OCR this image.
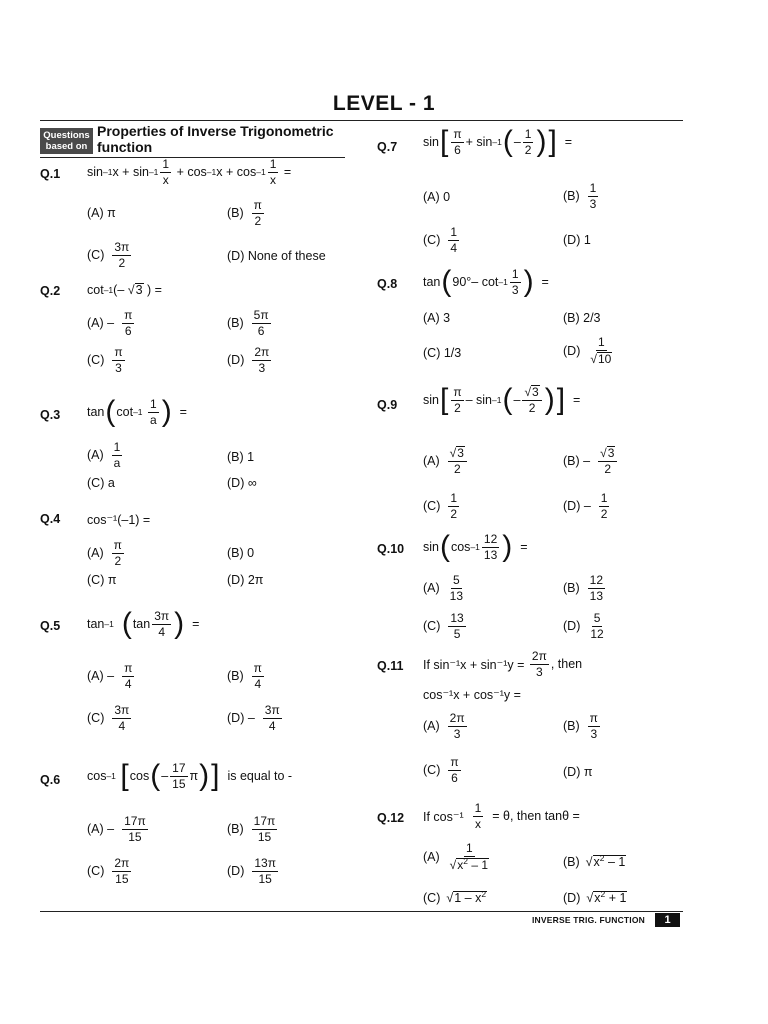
LEVEL - 1
Questions
based on
Properties of Inverse Trigonometric
function
Q.1 sin –1 $x + \sin -1 \frac{1}{x} + \cos -1$ $x + \cos -1 \frac{1}{x}$ =
(A) π	$(B) \frac{\pi}{2}$
$(C) \frac{3\pi}{2}$	(D) None of these
Q.2 cot –1 (– √ 3 ) =
$(A) - \frac{\pi}{6}$	$(B) \frac{5\pi}{6}$
$(C) \frac{\pi}{3}$	$(D) \frac{2\pi}{3}$
Q.3 tan ( cot –1
$\frac{1}{a}$ ) =
$(A) \frac{1}{a}$	(B) 1
(C) a	(D) ∞
Q.4 cos⁻¹(–1) =
$(A) \frac{\pi}{2}$	(B) 0
(C) π	(D) 2π
Q.5 tan –1
( $\tan \frac{3\pi}{4}$ ) =
$(A) - \frac{\pi}{4}$	$(B) \frac{\pi}{4}$
$(C) \frac{3\pi}{4}$	$(D) - \frac{3\pi}{4}$
Q.6 cos –1
[ cos ( – $\frac{17}{15}$ π ) ]
is equal to -
$(A) - \frac{17\pi}{15}$	$(B) \frac{17\pi}{15}$
$(C) \frac{2\pi}{15}$	$(D) \frac{13\pi}{15}$
Q.7 sin [ $\frac{\pi}{6} + \sin -1$ ( – $\frac{1}{2}$ ) ] =
(A) 0	$(B) \frac{1}{3}$
$(C) \frac{1}{4}$	(D) 1
Q.8 tan ( 90°– $\cot -1 \frac{1}{3}$ ) =
(A) 3	(B) 2/3
(C) 1/3	$(D) \frac{1}{√10}$
Q.9 sin [ $\frac{\pi}{2}$ – sin –1 ( – $\frac{√3}{2}$ ) ] =
$(A) \frac{√3}{2}$	$(B) - \frac{√3}{2}$
$(C) \frac{1}{2}$	$(D) - \frac{1}{2}$
Q.10 sin ( $\cos -1 \frac{12}{13}$ ) =
$(A) \frac{5}{13}$	$(B) \frac{12}{13}$
$(C) \frac{13}{5}$	$(D) \frac{5}{12}$
Q.11 If sin⁻¹x + sin⁻¹y =
$\frac{2\pi}{3}$ , then
cos⁻¹x + cos⁻¹y =
$(A) \frac{2\pi}{3}$	$(B) \frac{\pi}{3}$
$(C) \frac{\pi}{6}$	(D) π
Q.12 If cos⁻¹
$\frac{1}{x}$
= θ, then tanθ =
$(A) \frac{1}{√x^2 - 1}$	(B) √ $x^2 - 1$
(C) √ $1 - x^2$	(D) √ $x^2 + 1$
INVERSE TRIG. FUNCTION	1
